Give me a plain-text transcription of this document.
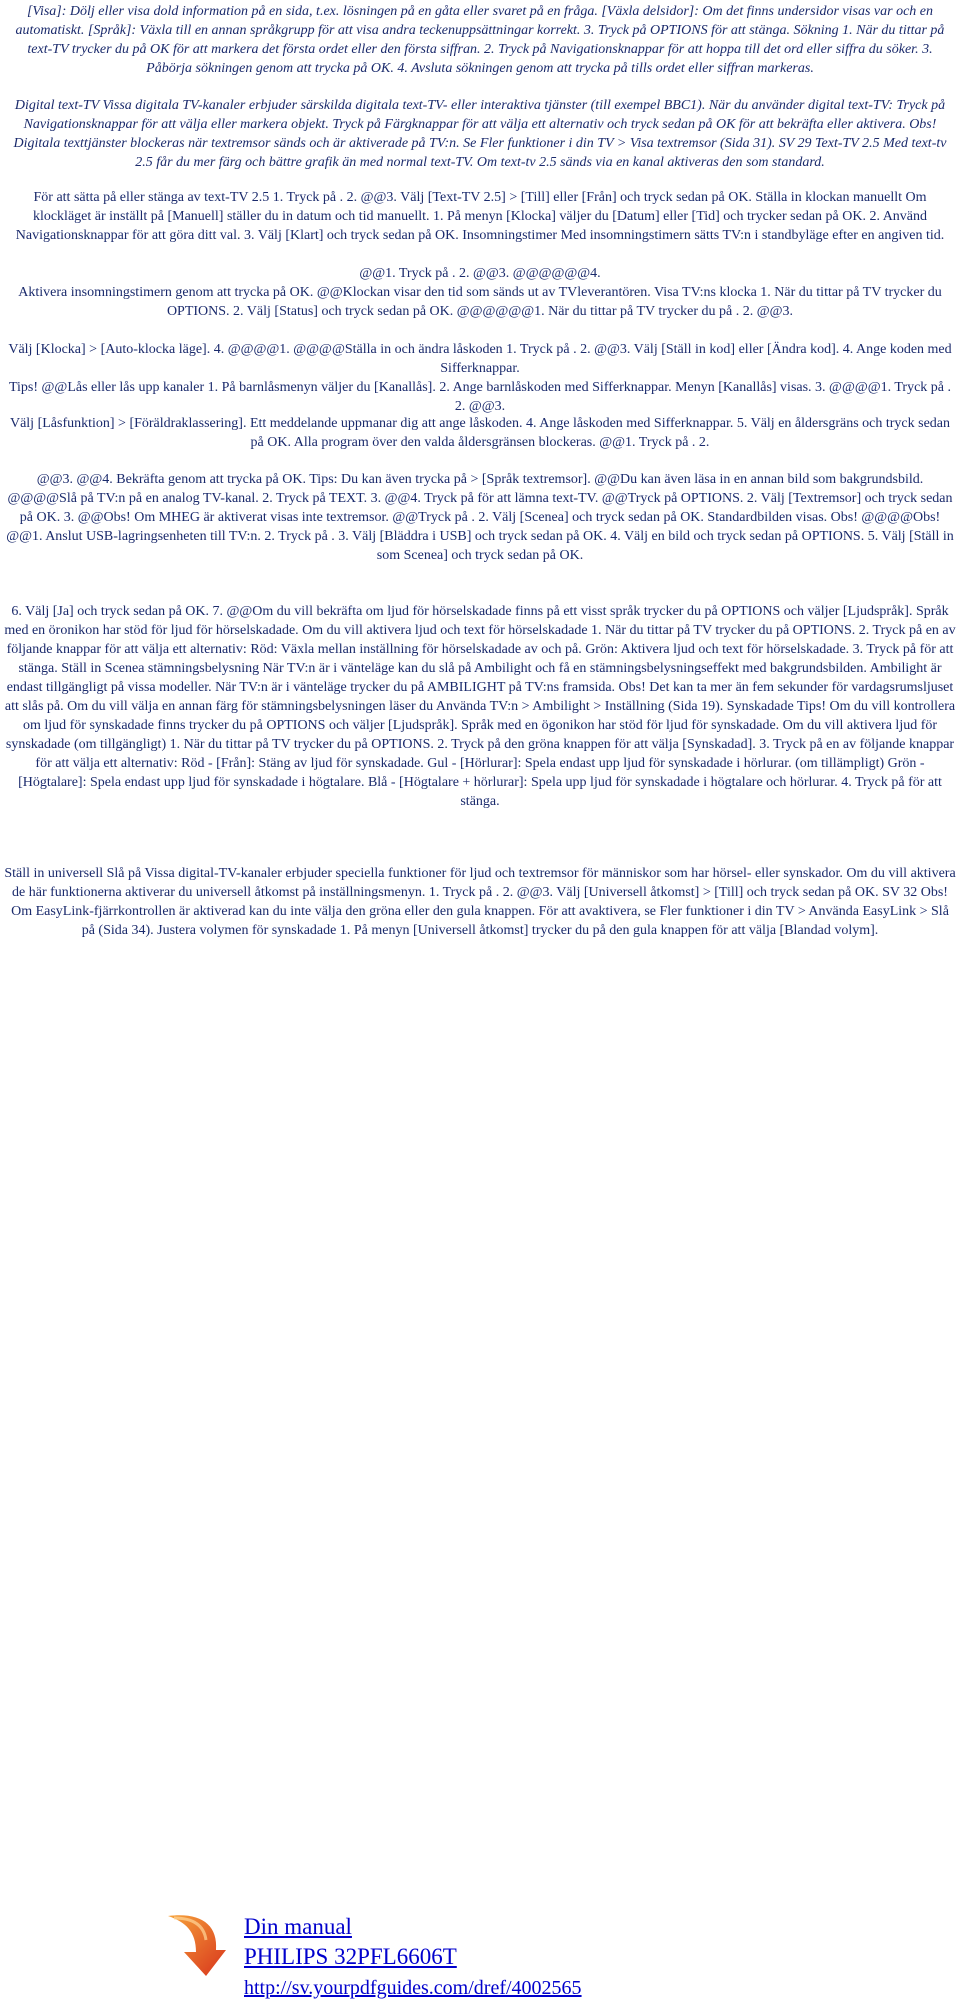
[Visa]: Dölj eller visa dold information på en sida, t.ex. lösningen på en gåta eller svaret på en fråga. [Växla delsidor]: Om det finns undersidor visas var och en automatiskt. [Språk]: Växla till en annan språkgrupp för att visa andra teckenuppsättningar korrekt. 3. Tryck på OPTIONS för att stänga. Sökning 1. När du tittar på text-TV trycker du på OK för att markera det första ordet eller den första siffran. 2. Tryck på Navigationsknappar för att hoppa till det ord eller siffra du söker. 3. Påbörja sökningen genom att trycka på OK. 4. Avsluta sökningen genom att trycka på tills ordet eller siffran markeras.

Digital text-TV Vissa digitala TV-kanaler erbjuder särskilda digitala text-TV- eller interaktiva tjänster (till exempel BBC1). När du använder digital text-TV: Tryck på Navigationsknappar för att välja eller markera objekt. Tryck på Färgknappar för att välja ett alternativ och tryck sedan på OK för att bekräfta eller aktivera. Obs! Digitala texttjänster blockeras när textremsor sänds och är aktiverade på TV:n. Se Fler funktioner i din TV > Visa textremsor (Sida 31). SV 29 Text-TV 2.5 Med text-tv 2.5 får du mer färg och bättre grafik än med normal text-TV. Om text-tv 2.5 sänds via en kanal aktiveras den som standard.

För att sätta på eller stänga av text-TV 2.5 1. Tryck på . 2. @@3. Välj [Text-TV 2.5] > [Till] eller [Från] och tryck sedan på OK. Ställa in klockan manuellt Om klockläget är inställt på [Manuell] ställer du in datum och tid manuellt. 1. På menyn [Klocka] väljer du [Datum] eller [Tid] och trycker sedan på OK. 2. Använd Navigationsknappar för att göra ditt val. 3. Välj [Klart] och tryck sedan på OK. Insomningstimer Med insomningstimern sätts TV:n i standbyläge efter en angiven tid.

@@1. Tryck på . 2. @@3. @@@@@@4.

Aktivera insomningstimern genom att trycka på OK. @@Klockan visar den tid som sänds ut av TVleverantören. Visa TV:ns klocka 1. När du tittar på TV trycker du OPTIONS. 2. Välj [Status] och tryck sedan på OK. @@@@@@1. När du tittar på TV trycker du på . 2. @@3.

Välj [Klocka] > [Auto-klocka läge]. 4. @@@@1. @@@@Ställa in och ändra låskoden 1. Tryck på . 2. @@3. Välj [Ställ in kod] eller [Ändra kod]. 4. Ange koden med Sifferknappar.

Tips! @@Lås eller lås upp kanaler 1. På barnlåsmenyn väljer du [Kanallås]. 2. Ange barnlåskoden med Sifferknappar. Menyn [Kanallås] visas. 3. @@@@1. Tryck på . 2. @@3.

Välj [Låsfunktion] > [Föräldraklassering]. Ett meddelande uppmanar dig att ange låskoden. 4. Ange låskoden med Sifferknappar. 5. Välj en åldersgräns och tryck sedan på OK. Alla program över den valda åldersgränsen blockeras. @@1. Tryck på . 2.

@@3. @@4. Bekräfta genom att trycka på OK. Tips: Du kan även trycka på > [Språk textremsor]. @@Du kan även läsa in en annan bild som bakgrundsbild. @@@@Slå på TV:n på en analog TV-kanal. 2. Tryck på TEXT. 3. @@4. Tryck på för att lämna text-TV. @@Tryck på OPTIONS. 2. Välj [Textremsor] och tryck sedan på OK. 3. @@Obs! Om MHEG är aktiverat visas inte textremsor. @@Tryck på . 2. Välj [Scenea] och tryck sedan på OK. Standardbilden visas. Obs! @@@@Obs! @@1. Anslut USB-lagringsenheten till TV:n. 2. Tryck på . 3. Välj [Bläddra i USB] och tryck sedan på OK. 4. Välj en bild och tryck sedan på OPTIONS. 5. Välj [Ställ in som Scenea] och tryck sedan på OK.

6. Välj [Ja] och tryck sedan på OK. 7. @@Om du vill bekräfta om ljud för hörselskadade finns på ett visst språk trycker du på OPTIONS och väljer [Ljudspråk]. Språk med en öronikon har stöd för ljud för hörselskadade. Om du vill aktivera ljud och text för hörselskadade 1. När du tittar på TV trycker du på OPTIONS. 2. Tryck på en av följande knappar för att välja ett alternativ: Röd: Växla mellan inställning för hörselskadade av och på. Grön: Aktivera ljud och text för hörselskadade. 3. Tryck på för att stänga. Ställ in Scenea stämningsbelysning När TV:n är i vänteläge kan du slå på Ambilight och få en stämningsbelysningseffekt med bakgrundsbilden. Ambilight är endast tillgängligt på vissa modeller. När TV:n är i vänteläge trycker du på AMBILIGHT på TV:ns framsida. Obs! Det kan ta mer än fem sekunder för vardagsrumsljuset att slås på. Om du vill välja en annan färg för stämningsbelysningen läser du Använda TV:n > Ambilight > Inställning (Sida 19). Synskadade Tips! Om du vill kontrollera om ljud för synskadade finns trycker du på OPTIONS och väljer [Ljudspråk]. Språk med en ögonikon har stöd för ljud för synskadade. Om du vill aktivera ljud för synskadade (om tillgängligt) 1. När du tittar på TV trycker du på OPTIONS. 2. Tryck på den gröna knappen för att välja [Synskadad]. 3. Tryck på en av följande knappar för att välja ett alternativ: Röd - [Från]: Stäng av ljud för synskadade. Gul - [Hörlurar]: Spela endast upp ljud för synskadade i hörlurar. (om tillämpligt) Grön - [Högtalare]: Spela endast upp ljud för synskadade i högtalare. Blå - [Högtalare + hörlurar]: Spela upp ljud för synskadade i högtalare och hörlurar. 4. Tryck på för att stänga.

Ställ in universell Slå på Vissa digital-TV-kanaler erbjuder speciella funktioner för ljud och textremsor för människor som har hörsel- eller synskador. Om du vill aktivera de här funktionerna aktiverar du universell åtkomst på inställningsmenyn. 1. Tryck på . 2. @@3. Välj [Universell åtkomst] > [Till] och tryck sedan på OK. SV 32 Obs! Om EasyLink-fjärrkontrollen är aktiverad kan du inte välja den gröna eller den gula knappen. För att avaktivera, se Fler funktioner i din TV > Använda EasyLink > Slå på (Sida 34). Justera volymen för synskadade 1. På menyn [Universell åtkomst] trycker du på den gula knappen för att välja [Blandad volym].

Din manual
PHILIPS 32PFL6606T
http://sv.yourpdfguides.com/dref/4002565
